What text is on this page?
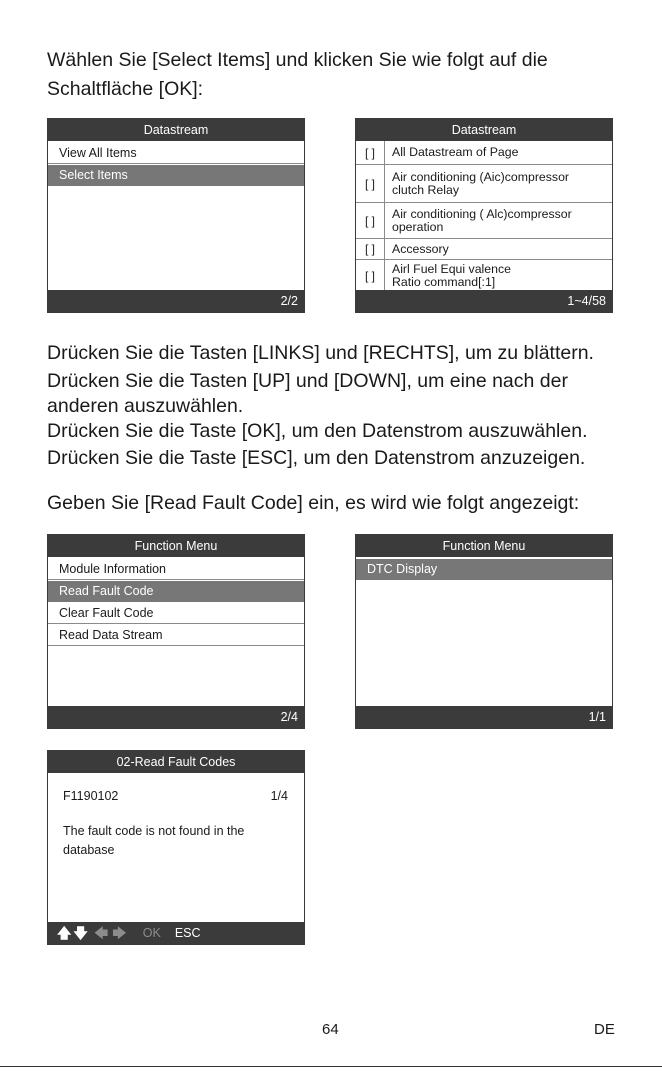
Wählen Sie [Select Items] und klicken Sie wie folgt auf die

Schaltfläche [OK]:

Datastream
View All Items
Select Items
2/2
Datastream
[ ]	All Datastream of Page
[ ]	Air conditioning (Aic)compressor
clutch Relay
[ ]	Air conditioning ( Alc)compressor
operation
[ ]	Accessory
[ ]	Airl Fuel Equi valence
Ratio command[:1]
1~4/58

Drücken Sie die Tasten [LINKS] und [RECHTS], um zu blättern.

Drücken Sie die Tasten [UP] und [DOWN], um eine nach der

anderen auszuwählen.

Drücken Sie die Taste [OK], um den Datenstrom auszuwählen.

Drücken Sie die Taste [ESC], um den Datenstrom anzuzeigen.

Geben Sie [Read Fault Code] ein, es wird wie folgt angezeigt:

Function Menu
Module Information
Read Fault Code
Clear Fault Code
Read Data Stream
2/4
Function Menu
DTC Display
1/1
02-Read Fault Codes
F1190102	1/4
The fault code is not found in the database
🡅 🡇 🡄 🡆 OK ESC
64	DE
